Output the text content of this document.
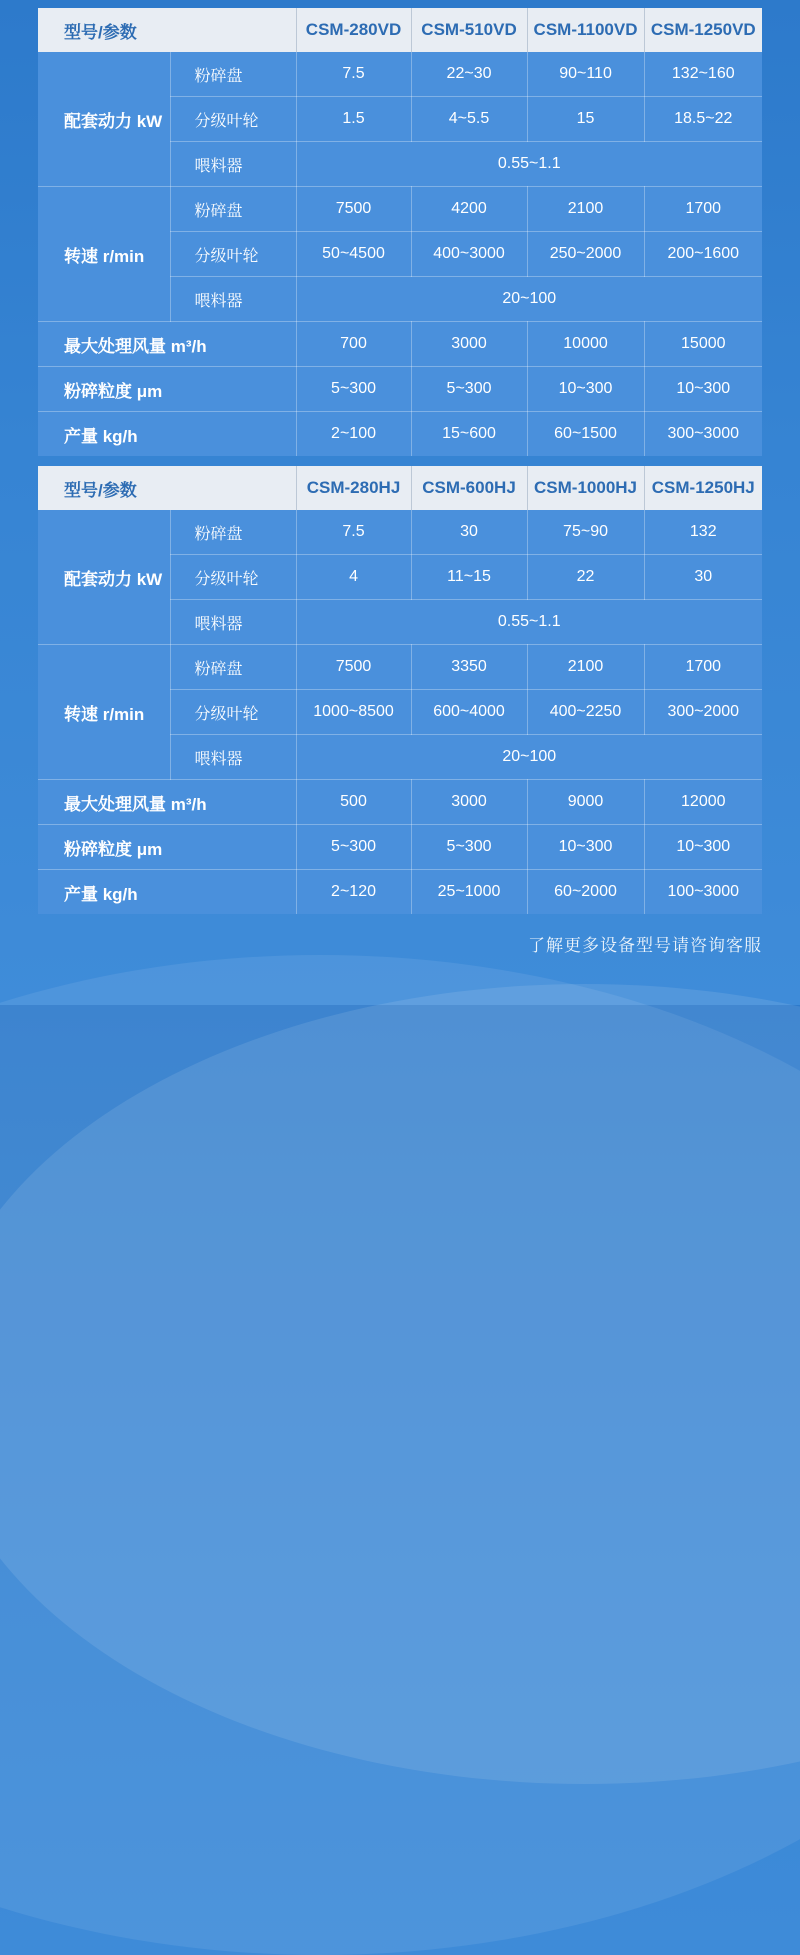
型号/参数		CSM-280VD	CSM-510VD	CSM-1100VD	CSM-1250VD
配套动力 kW	粉碎盘	7.5	22~30	90~110	132~160
	分级叶轮	1.5	4~5.5	15	18.5~22
	喂料器	0.55~1.1			
转速 r/min	粉碎盘	7500	4200	2100	1700
	分级叶轮	50~4500	400~3000	250~2000	200~1600
	喂料器	20~100			
最大处理风量 m³/h		700	3000	10000	15000
粉碎粒度 μm		5~300	5~300	10~300	10~300
产量 kg/h		2~100	15~600	60~1500	300~3000
型号/参数		CSM-280HJ	CSM-600HJ	CSM-1000HJ	CSM-1250HJ
配套动力 kW	粉碎盘	7.5	30	75~90	132
	分级叶轮	4	11~15	22	30
	喂料器	0.55~1.1			
转速 r/min	粉碎盘	7500	3350	2100	1700
	分级叶轮	1000~8500	600~4000	400~2250	300~2000
	喂料器	20~100			
最大处理风量 m³/h		500	3000	9000	12000
粉碎粒度 μm		5~300	5~300	10~300	10~300
产量 kg/h		2~120	25~1000	60~2000	100~3000
了解更多设备型号请咨询客服
